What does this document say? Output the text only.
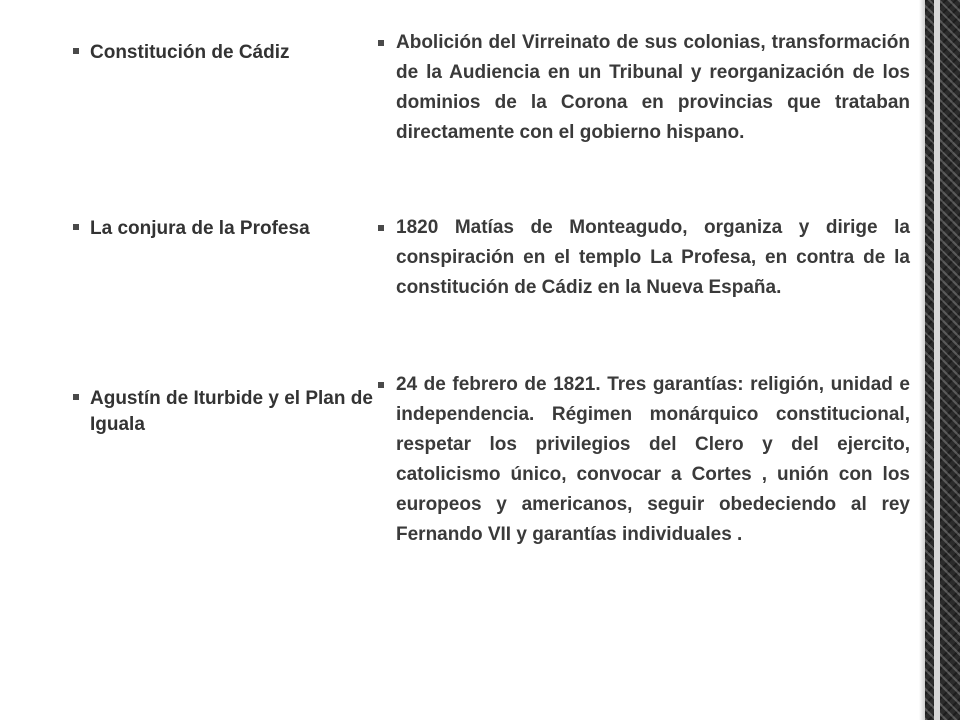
Constitución de Cádiz
La conjura de la Profesa
Agustín de Iturbide y el Plan de Iguala
Abolición del Virreinato de sus colonias, transformación de la Audiencia en un Tribunal y reorganización de los dominios de la Corona en provincias que trataban directamente con el gobierno hispano.
1820 Matías de Monteagudo, organiza y dirige la conspiración en el templo La Profesa, en contra de la constitución de Cádiz en la Nueva España.
24 de febrero de 1821. Tres garantías: religión, unidad e independencia. Régimen monárquico constitucional, respetar los privilegios del Clero y del ejercito, catolicismo único, convocar a Cortes , unión con los europeos y americanos, seguir obedeciendo al rey Fernando VII y garantías individuales .
